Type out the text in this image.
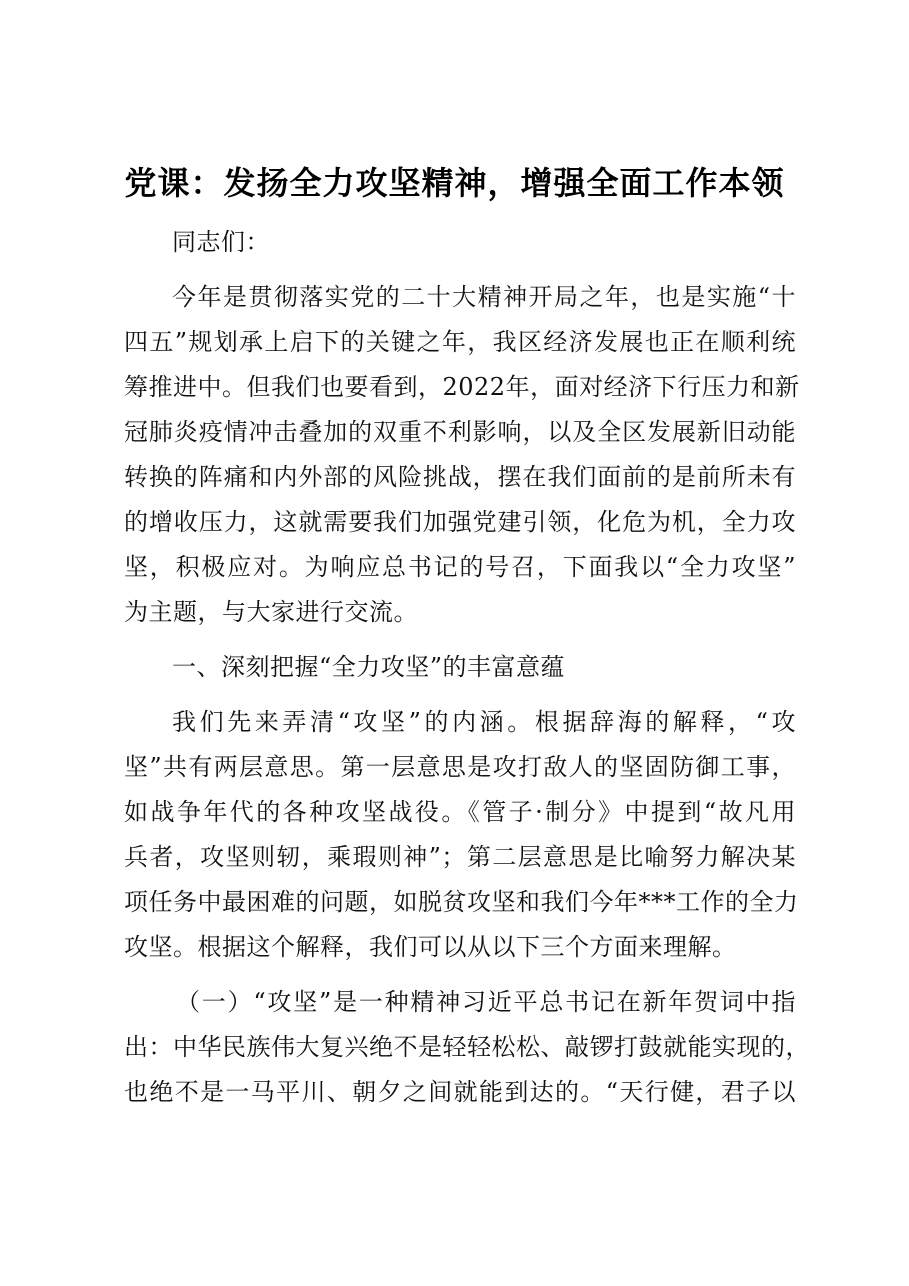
党课：发扬全力攻坚精神，增强全面工作本领
同志们：
今年是贯彻落实党的二十大精神开局之年，也是实施“十
四五”规划承上启下的关键之年，我区经济发展也正在顺利统
筹推进中。但我们也要看到，2022年，面对经济下行压力和新
冠肺炎疫情冲击叠加的双重不利影响，以及全区发展新旧动能
转换的阵痛和内外部的风险挑战，摆在我们面前的是前所未有
的增收压力，这就需要我们加强党建引领，化危为机，全力攻
坚，积极应对。为响应总书记的号召，下面我以“全力攻坚”
为主题，与大家进行交流。
一、深刻把握“全力攻坚”的丰富意蕴
我们先来弄清“攻坚”的内涵。根据辞海的解释，“攻
坚”共有两层意思。第一层意思是攻打敌人的坚固防御工事，
如战争年代的各种攻坚战役。《管子·制分》中提到“故凡用
兵者，攻坚则轫，乘瑕则神”；第二层意思是比喻努力解决某
项任务中最困难的问题，如脱贫攻坚和我们今年***工作的全力
攻坚。根据这个解释，我们可以从以下三个方面来理解。
（一）“攻坚”是一种精神习近平总书记在新年贺词中指
出：中华民族伟大复兴绝不是轻轻松松、敲锣打鼓就能实现的，
也绝不是一马平川、朝夕之间就能到达的。“天行健，君子以
